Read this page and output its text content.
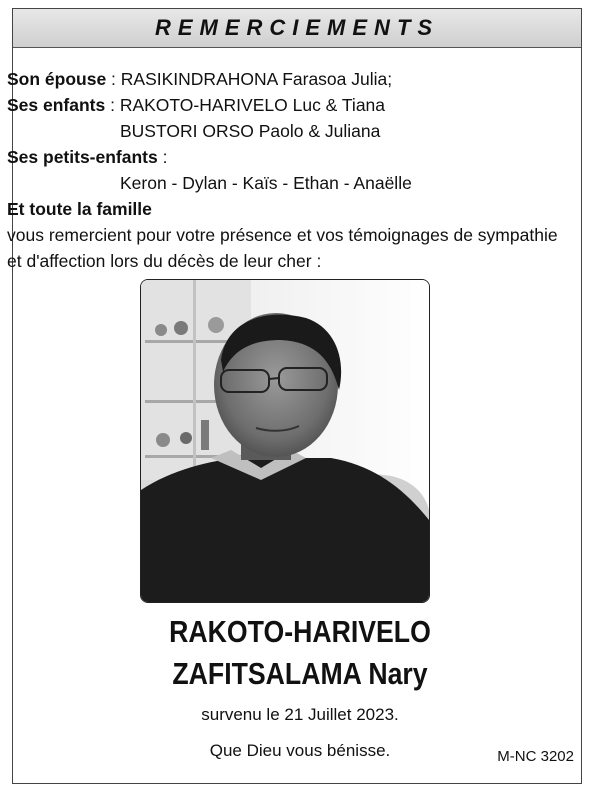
REMERCIEMENTS
Son épouse : RASIKINDRAHONA Farasoa Julia;
Ses enfants : RAKOTO-HARIVELO Luc & Tiana
BUSTORI ORSO Paolo & Juliana
Ses petits-enfants :
Keron - Dylan - Kaïs - Ethan - Anaëlle
Et toute la famille
vous remercient pour votre présence et vos témoignages de sympathie
et d'affection lors du décès de leur cher :
RAKOTO-HARIVELO
ZAFITSALAMA Nary
survenu le 21 Juillet 2023.
Que Dieu vous bénisse.	M-NC 3202
